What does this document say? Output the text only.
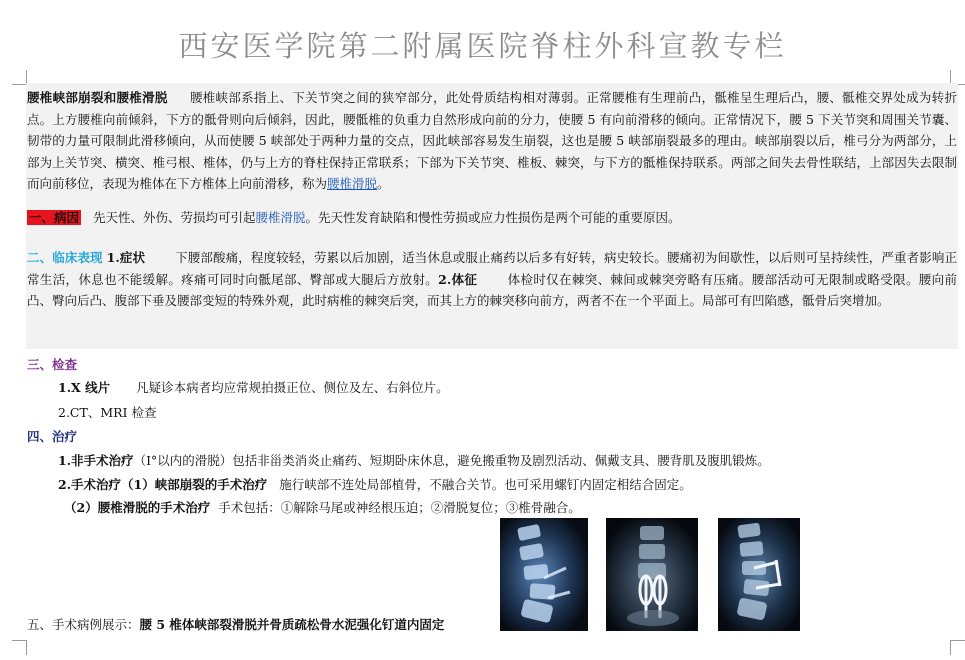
西安医学院第二附属医院脊柱外科宣教专栏

腰椎峡部崩裂和腰椎滑脱 腰椎峡部系指上、下关节突之间的狭窄部分，此处骨质结构相对薄弱。正常腰椎有生理前凸，骶椎呈生理后凸，腰、骶椎交界处成为转折点。上方腰椎向前倾斜，下方的骶骨则向后倾斜，因此，腰骶椎的负重力自然形成向前的分力，使腰 5 有向前滑移的倾向。正常情况下，腰 5 下关节突和周围关节囊、韧带的力量可限制此滑移倾向，从而使腰 5 峡部处于两种力量的交点，因此峡部容易发生崩裂，这也是腰 5 峡部崩裂最多的理由。峡部崩裂以后，椎弓分为两部分，上部为上关节突、横突、椎弓根、椎体，仍与上方的脊柱保持正常联系；下部为下关节突、椎板、棘突，与下方的骶椎保持联系。两部之间失去骨性联结，上部因失去限制而向前移位，表现为椎体在下方椎体上向前滑移，称为腰椎滑脱。

一、病因 先天性、外伤、劳损均可引起腰椎滑脱。先天性发育缺陷和慢性劳损或应力性损伤是两个可能的重要原因。

二、临床表现 1.症状 下腰部酸痛，程度较轻，劳累以后加剧，适当休息或服止痛药以后多有好转，病史较长。腰痛初为间歇性，以后则可呈持续性，严重者影响正常生活，休息也不能缓解。疼痛可同时向骶尾部、臀部或大腿后方放射。2.体征 体检时仅在棘突、棘间或棘突旁略有压痛。腰部活动可无限制或略受限。腰向前凸、臀向后凸、腹部下垂及腰部变短的特殊外观，此时病椎的棘突后突，而其上方的棘突移向前方，两者不在一个平面上。局部可有凹陷感，骶骨后突增加。

三、检查
1.X 线片 凡疑诊本病者均应常规拍摄正位、侧位及左、右斜位片。
2.CT、MRI 检查
四、治疗
1.非手术治疗（Ⅰ°以内的滑脱）包括非甾类消炎止痛药、短期卧床休息，避免搬重物及剧烈活动、佩戴支具、腰背肌及腹肌锻炼。
2.手术治疗（1）峡部崩裂的手术治疗 施行峡部不连处局部植骨，不融合关节。也可采用螺钉内固定相结合固定。
（2）腰椎滑脱的手术治疗 手术包括：①解除马尾或神经根压迫；②滑脱复位；③椎骨融合。
五、手术病例展示：腰 5 椎体峡部裂滑脱并骨质疏松骨水泥强化钉道内固定
